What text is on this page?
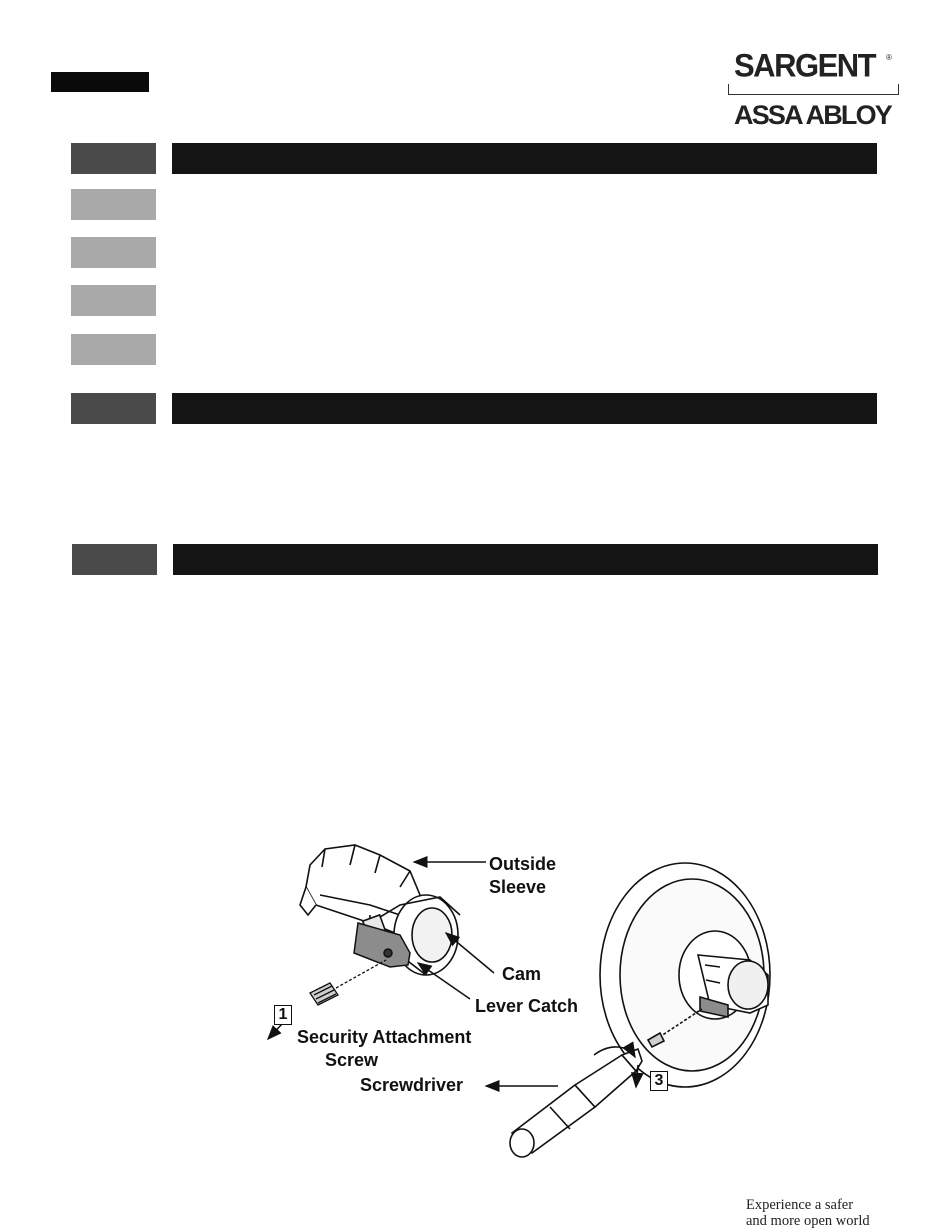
SARGENT ®
ASSA ABLOY
Outside
Sleeve
Cam
Lever Catch
1
Security Attachment
Screw
Screwdriver	3
Experience a safer
and more open world
